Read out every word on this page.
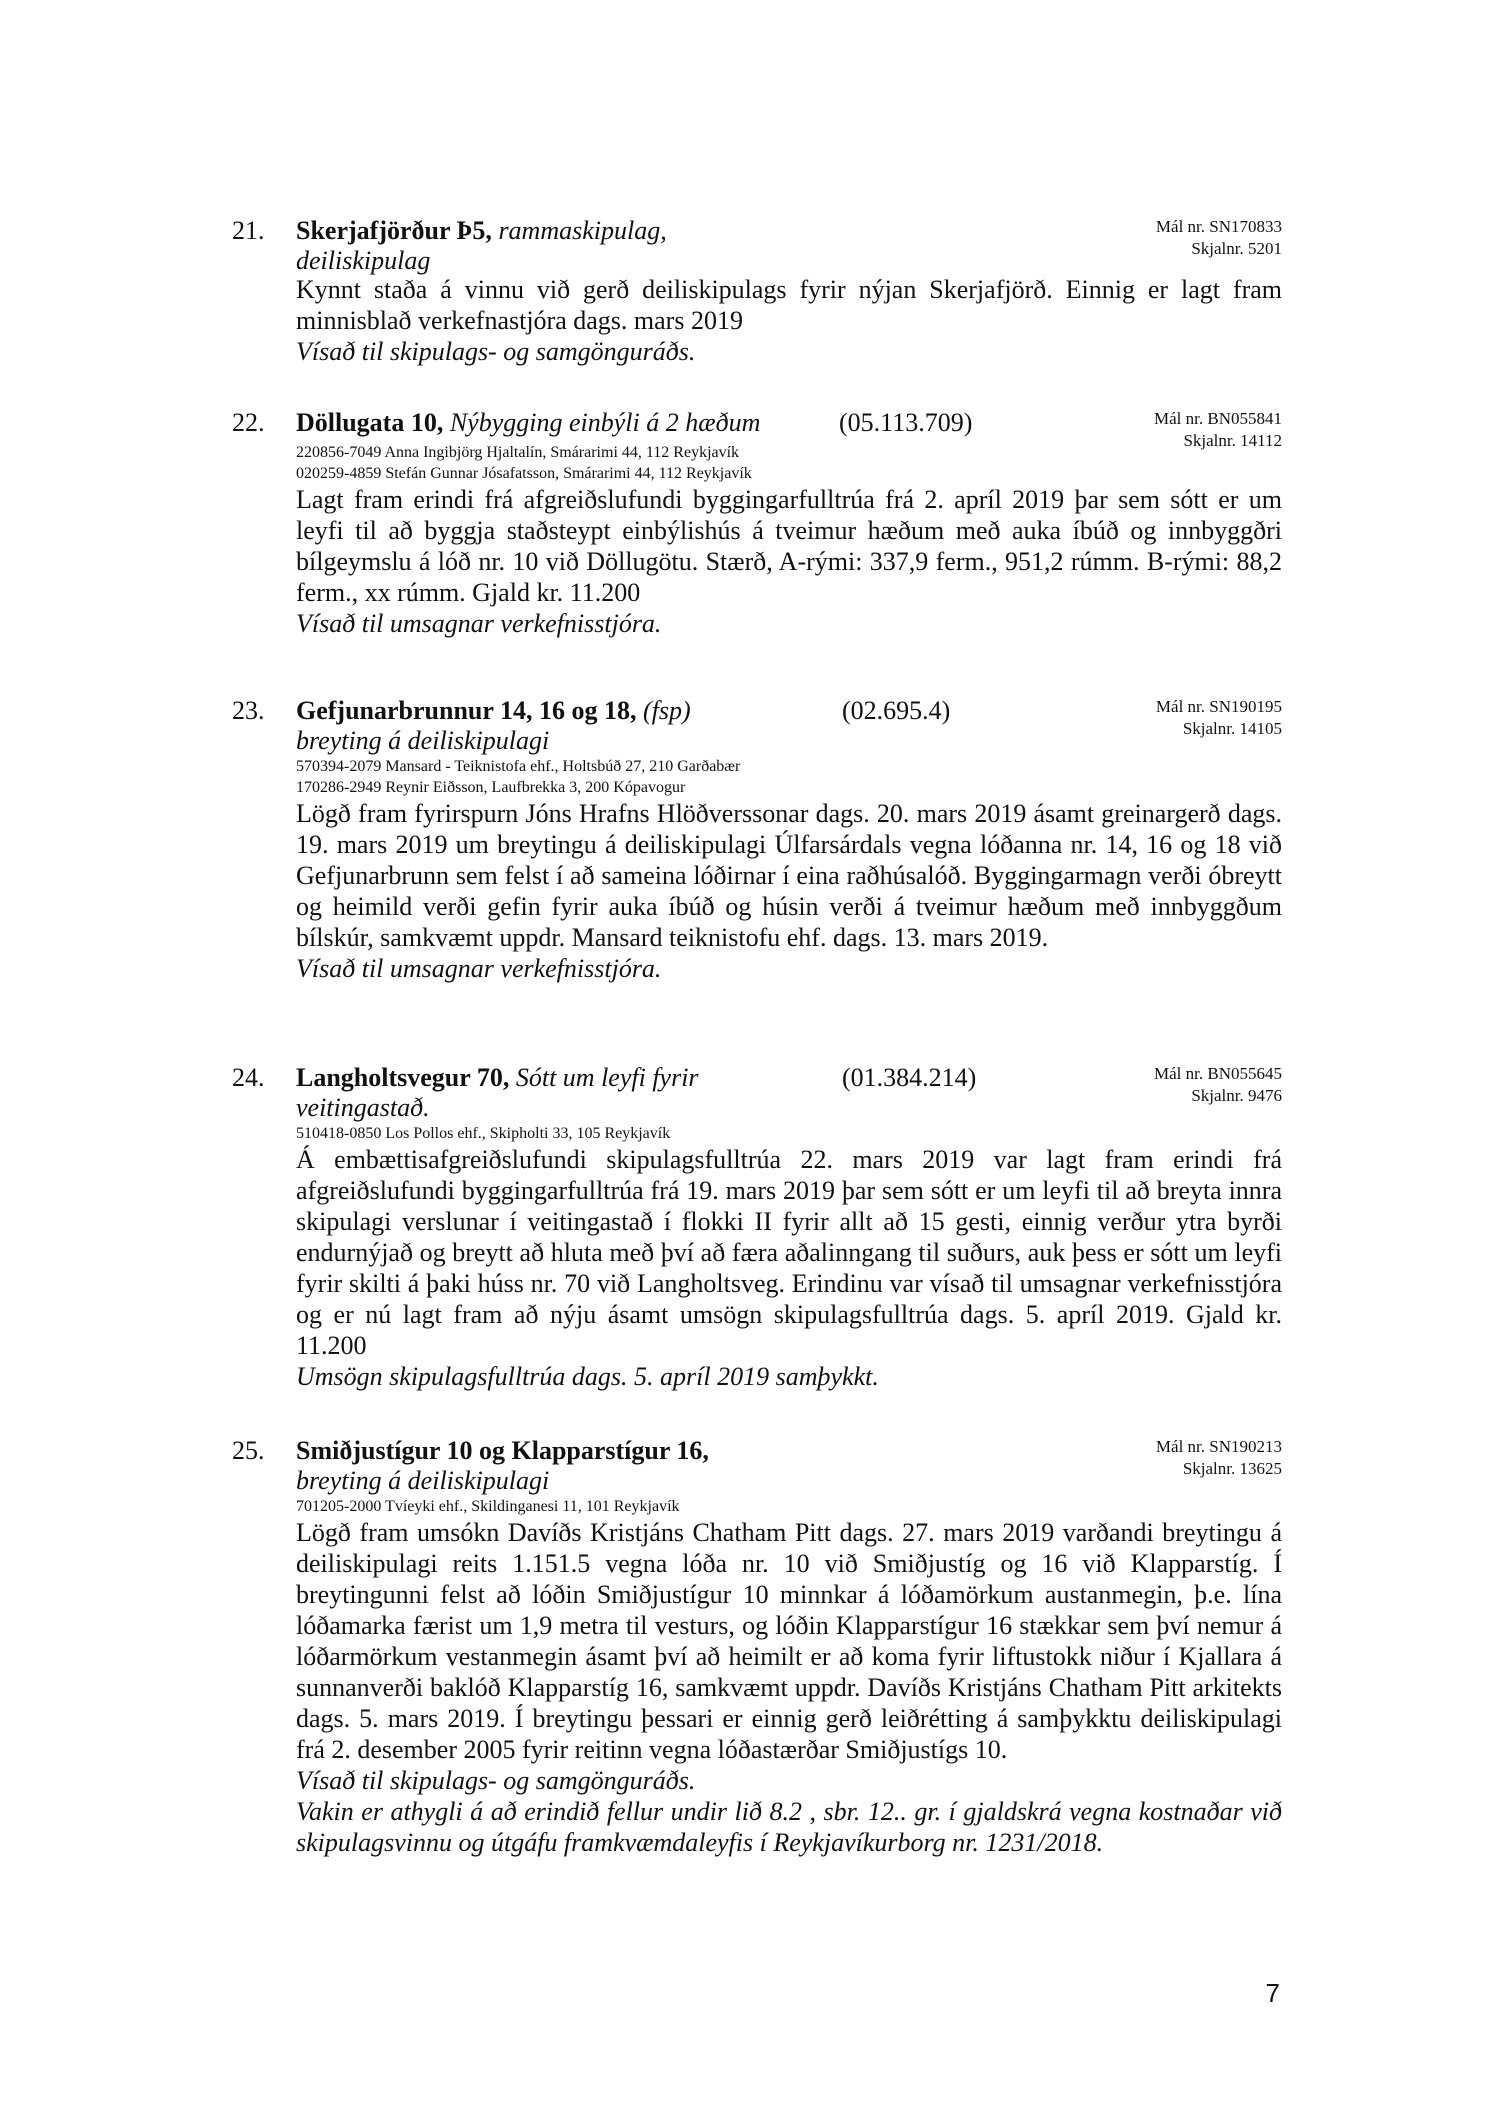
21. Skerjafjörður Þ5, rammaskipulag,
deiliskipulag
Mál nr. SN170833
Skjalnr. 5201

Kynnt staða á vinnu við gerð deiliskipulags fyrir nýjan Skerjafjörð. Einnig er lagt fram minnisblað verkefnastjóra dags. mars 2019

Vísað til skipulags- og samgönguráðs.

22. Döllugata 10, Nýbygging einbýli á 2 hæðum	(05.113.709)	Mál nr. BN055841
Skjalnr. 14112
220856-7049 Anna Ingibjörg Hjaltalín, Smárarimi 44, 112 Reykjavík
020259-4859 Stefán Gunnar Jósafatsson, Smárarimi 44, 112 Reykjavík

Lagt fram erindi frá afgreiðslufundi byggingarfulltrúa frá 2. apríl 2019 þar sem sótt er um leyfi til að byggja staðsteypt einbýlishús á tveimur hæðum með auka íbúð og innbyggðri bílgeymslu á lóð nr. 10 við Döllugötu. Stærð, A-rými: 337,9 ferm., 951,2 rúmm. B-rými: 88,2 ferm., xx rúmm. Gjald kr. 11.200

Vísað til umsagnar verkefnisstjóra.

23. Gefjunarbrunnur 14, 16 og 18, (fsp)
breyting á deiliskipulagi
(02.695.4)	Mál nr. SN190195
Skjalnr. 14105
570394-2079 Mansard - Teiknistofa ehf., Holtsbúð 27, 210 Garðabær
170286-2949 Reynir Eiðsson, Laufbrekka 3, 200 Kópavogur

Lögð fram fyrirspurn Jóns Hrafns Hlöðverssonar dags. 20. mars 2019 ásamt greinargerð dags. 19. mars 2019 um breytingu á deiliskipulagi Úlfarsárdals vegna lóðanna nr. 14, 16 og 18 við Gefjunarbrunn sem felst í að sameina lóðirnar í eina raðhúsalóð. Byggingarmagn verði óbreytt og heimild verði gefin fyrir auka íbúð og húsin verði á tveimur hæðum með innbyggðum bílskúr, samkvæmt uppdr. Mansard teiknistofu ehf. dags. 13. mars 2019.

Vísað til umsagnar verkefnisstjóra.

24. Langholtsvegur 70, Sótt um leyfi fyrir
veitingastað.
(01.384.214)	Mál nr. BN055645
Skjalnr. 9476
510418-0850 Los Pollos ehf., Skipholti 33, 105 Reykjavík

Á embættisafgreiðslufundi skipulagsfulltrúa 22. mars 2019 var lagt fram erindi frá afgreiðslufundi byggingarfulltrúa frá 19. mars 2019 þar sem sótt er um leyfi til að breyta innra skipulagi verslunar í veitingastað í flokki II fyrir allt að 15 gesti, einnig verður ytra byrði endurnýjað og breytt að hluta með því að færa aðalinngang til suðurs, auk þess er sótt um leyfi fyrir skilti á þaki húss nr. 70 við Langholtsveg. Erindinu var vísað til umsagnar verkefnisstjóra og er nú lagt fram að nýju ásamt umsögn skipulagsfulltrúa dags. 5. apríl 2019. Gjald kr. 11.200

Umsögn skipulagsfulltrúa dags. 5. apríl 2019 samþykkt.

25. Smiðjustígur 10 og Klapparstígur 16,
breyting á deiliskipulagi
Mál nr. SN190213
Skjalnr. 13625
701205-2000 Tvíeyki ehf., Skildinganesi 11, 101 Reykjavík

Lögð fram umsókn Davíðs Kristjáns Chatham Pitt dags. 27. mars 2019 varðandi breytingu á deiliskipulagi reits 1.151.5 vegna lóða nr. 10 við Smiðjustíg og 16 við Klapparstíg. Í breytingunni felst að lóðin Smiðjustígur 10 minnkar á lóðamörkum austanmegin, þ.e. lína lóðamarka færist um 1,9 metra til vesturs, og lóðin Klapparstígur 16 stækkar sem því nemur á lóðarmörkum vestanmegin ásamt því að heimilt er að koma fyrir liftustokk niður í Kjallara á sunnanverði baklóð Klapparstíg 16, samkvæmt uppdr. Davíðs Kristjáns Chatham Pitt arkitekts dags. 5. mars 2019. Í breytingu þessari er einnig gerð leiðrétting á samþykktu deiliskipulagi frá 2. desember 2005 fyrir reitinn vegna lóðastærðar Smiðjustígs 10.

Vísað til skipulags- og samgönguráðs.

Vakin er athygli á að erindið fellur undir lið 8.2 , sbr. 12.. gr. í gjaldskrá vegna kostnaðar við skipulagsvinnu og útgáfu framkvæmdaleyfis í Reykjavíkurborg nr. 1231/2018.

7
